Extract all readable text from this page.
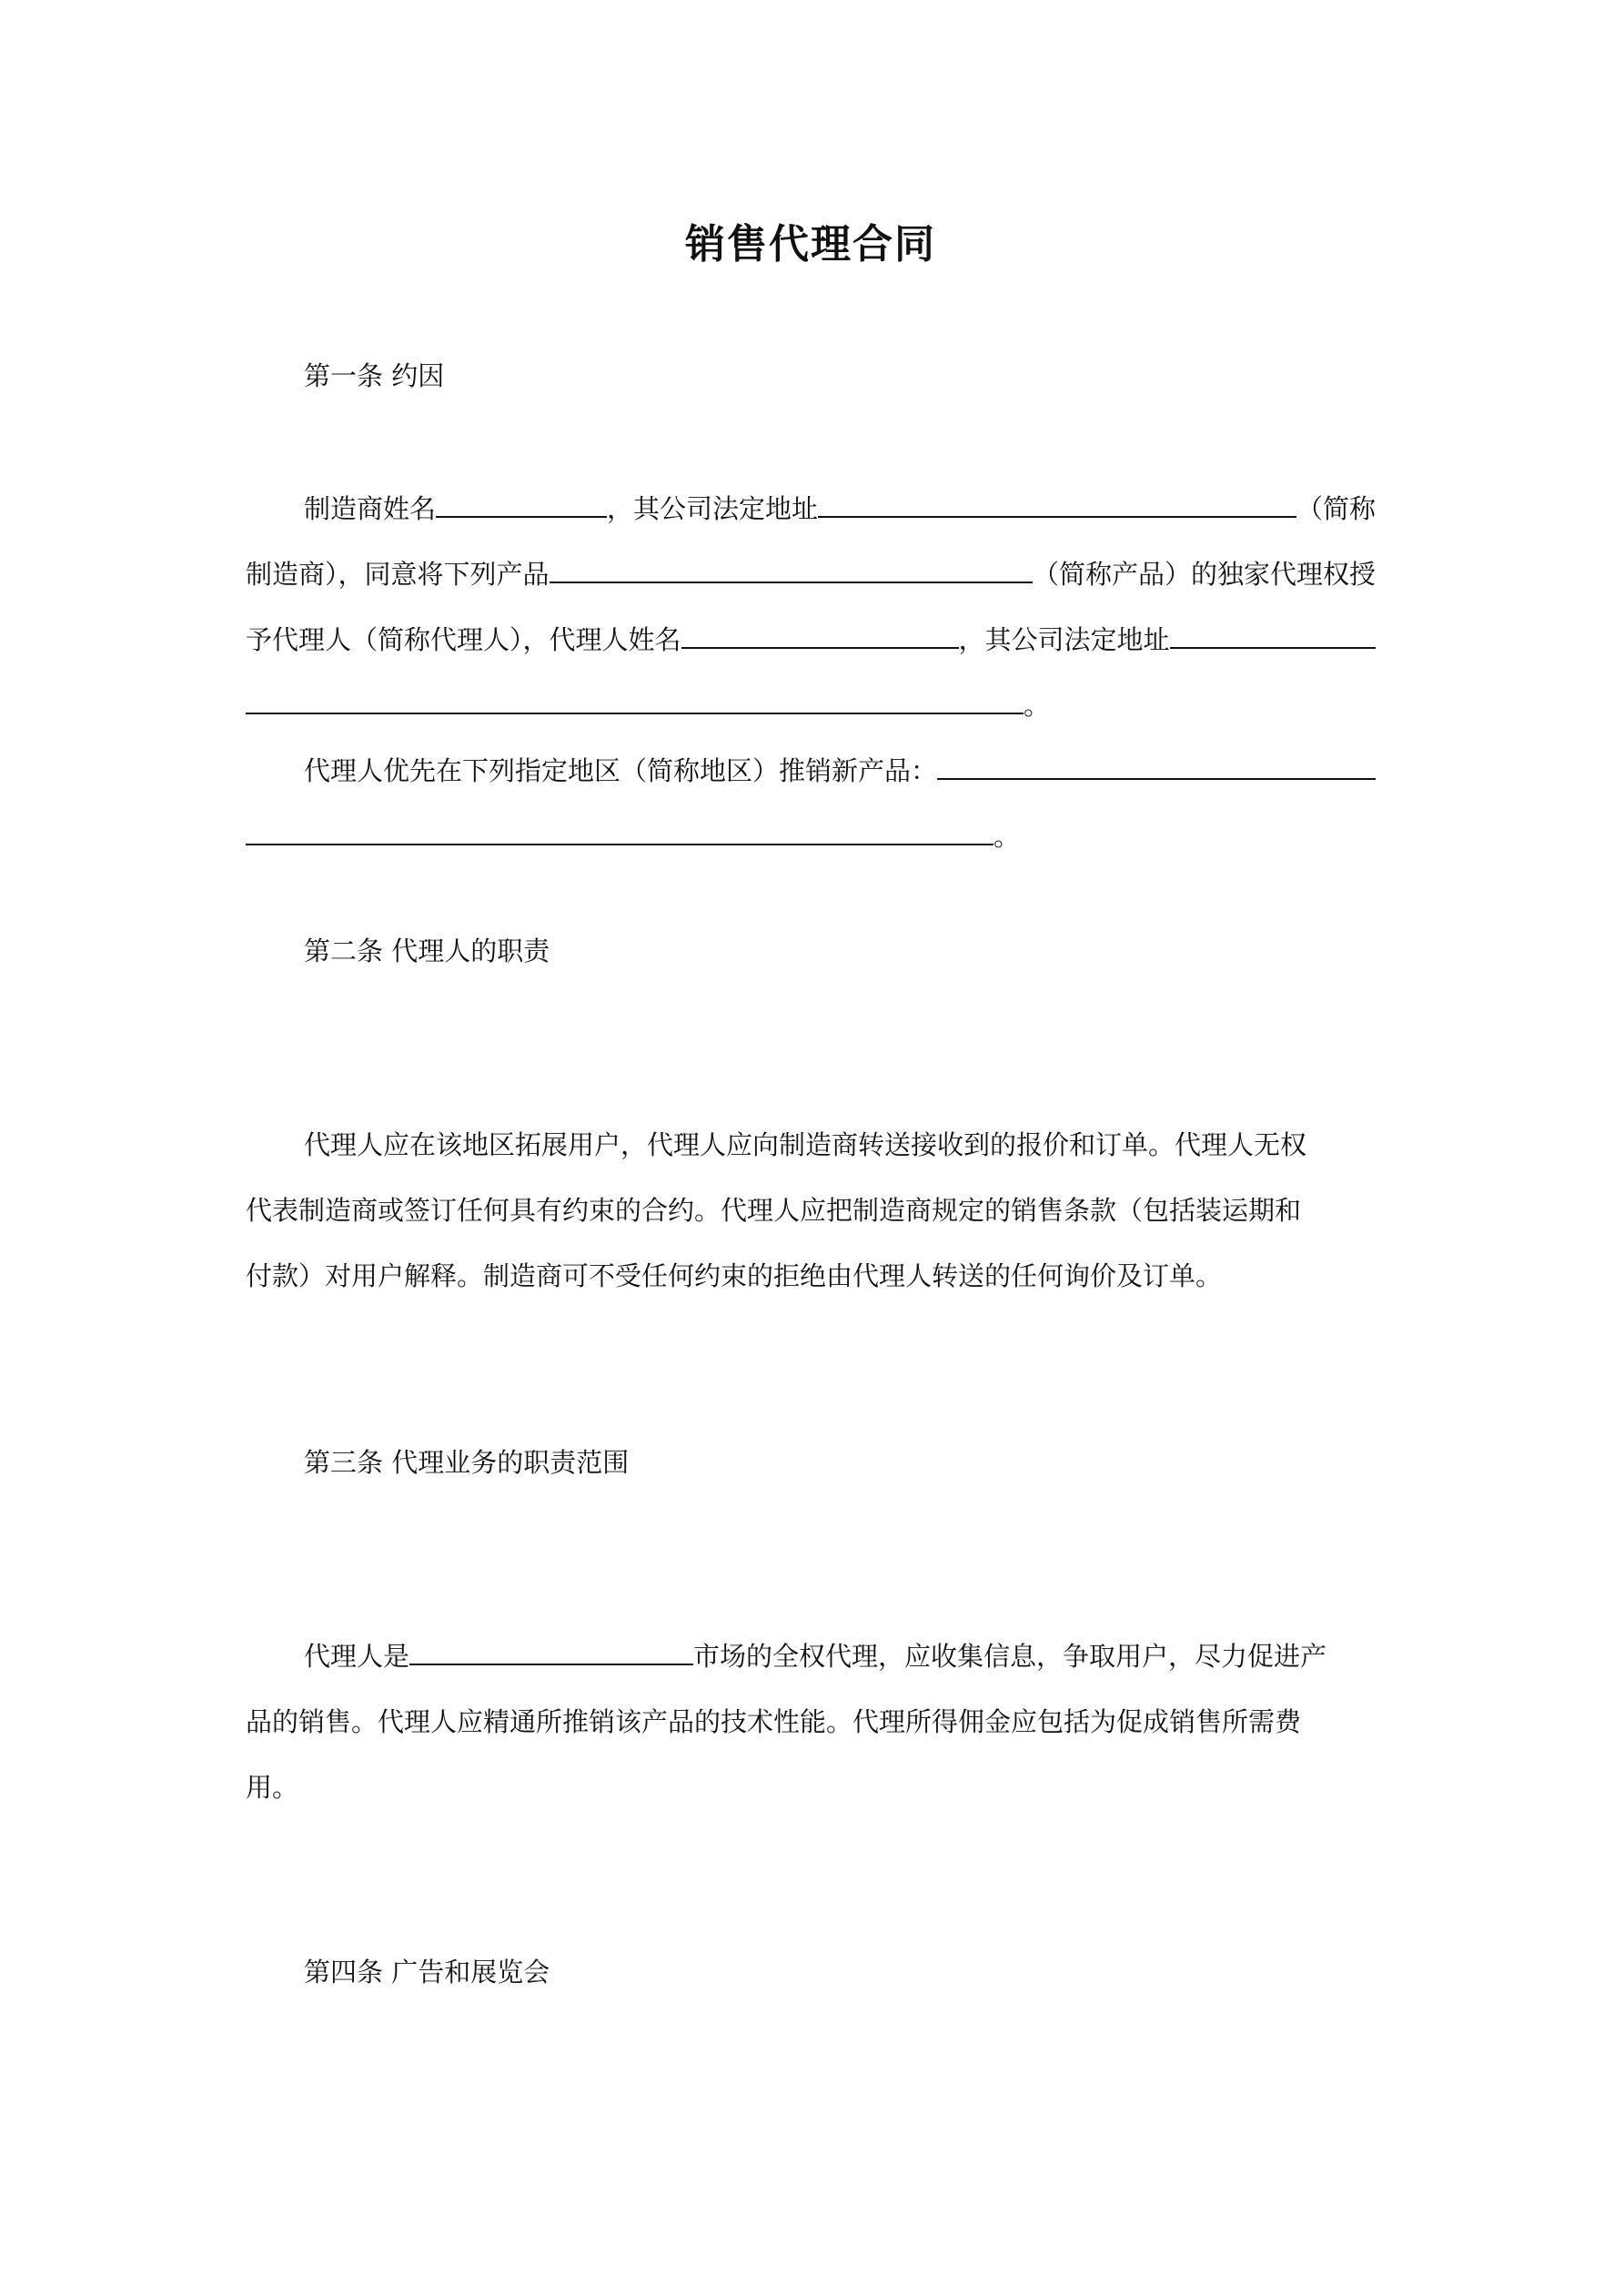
销售代理合同
第一条 约因
制造商姓名	，其公司法定地址	（简称
制造商），同意将下列产品	（简称产品）的独家代理权授
予代理人（简称代理人），代理人姓名	，其公司法定地址
。
代理人优先在下列指定地区（简称地区）推销新产品：
。
第二条 代理人的职责
代理人应在该地区拓展用户，代理人应向制造商转送接收到的报价和订单。代理人无权
代表制造商或签订任何具有约束的合约。代理人应把制造商规定的销售条款（包括装运期和
付款）对用户解释。制造商可不受任何约束的拒绝由代理人转送的任何询价及订单。
第三条 代理业务的职责范围
代理人是	市场的全权代理，应收集信息，争取用户，尽力促进产
品的销售。代理人应精通所推销该产品的技术性能。代理所得佣金应包括为促成销售所需费
用。
第四条 广告和展览会
